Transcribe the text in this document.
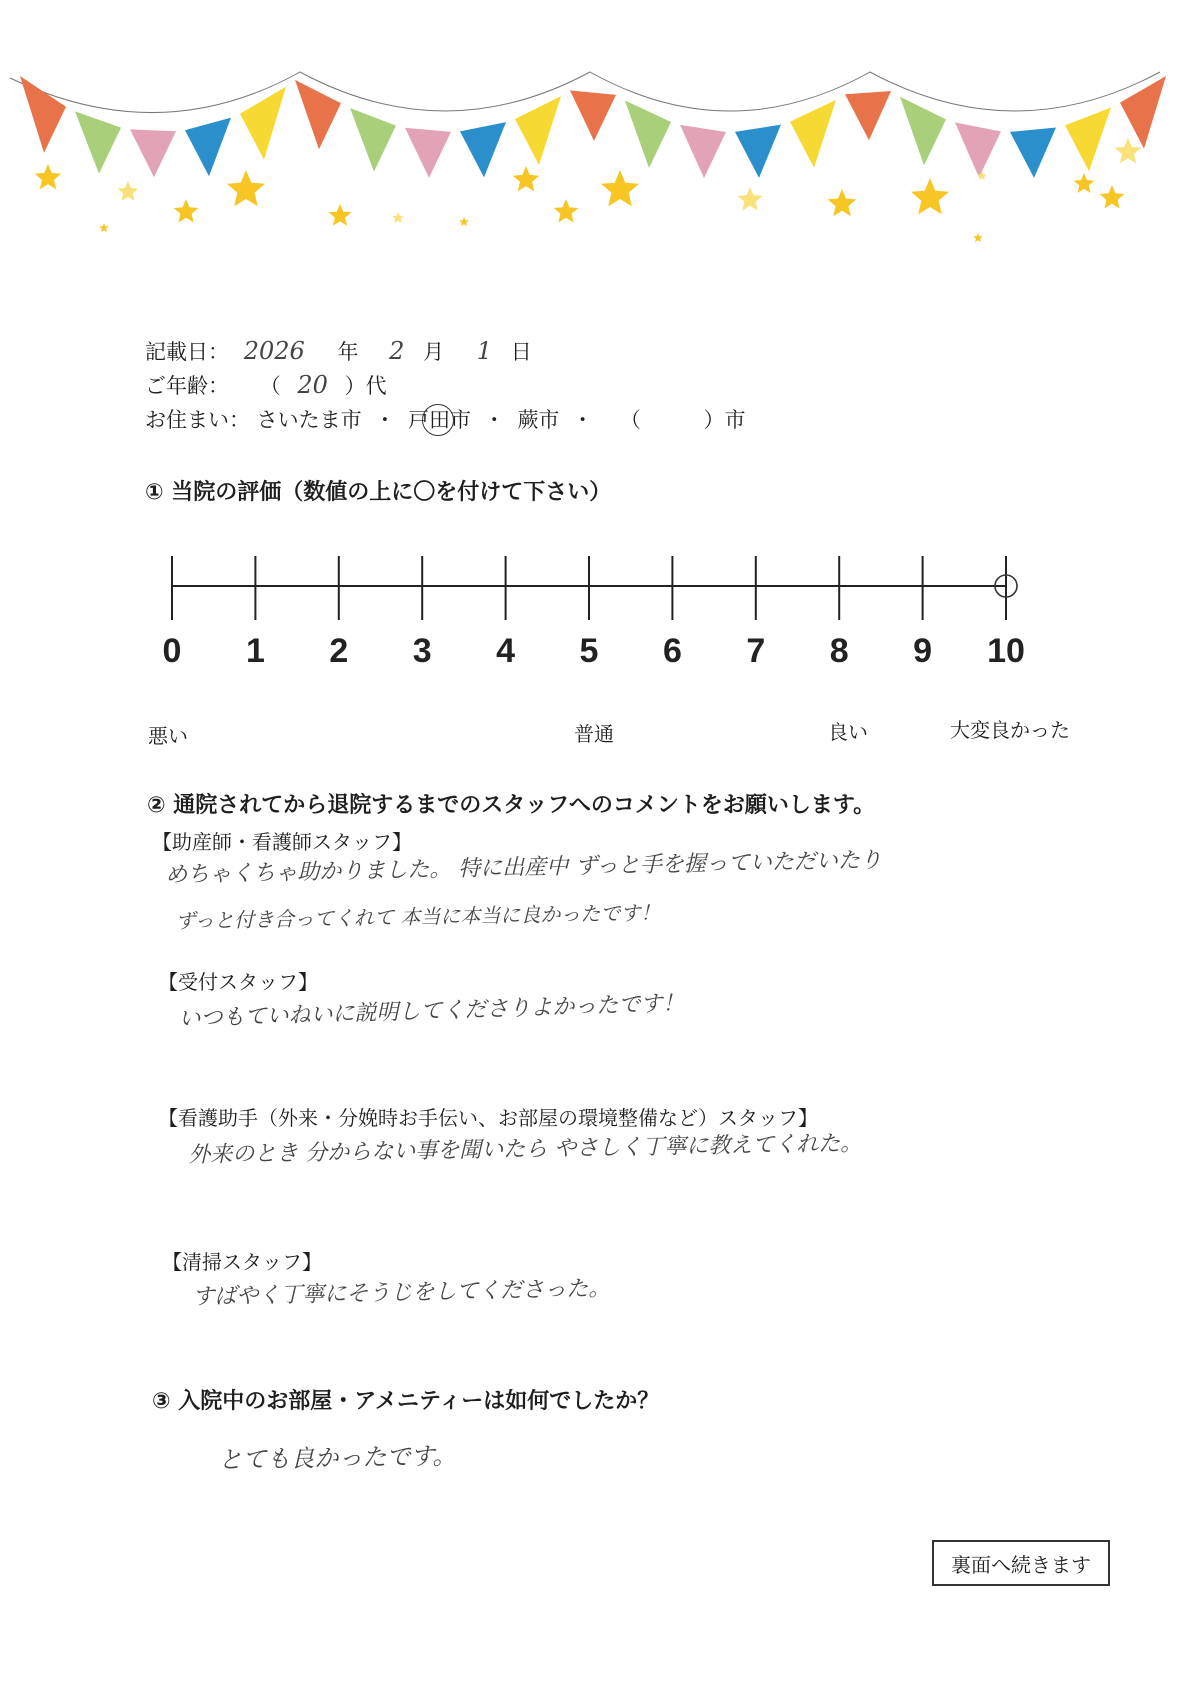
記載日： 2026 年 2 月 1 日
ご年齢： （ 20 ）代
お住まい： さいたま市 ・ 戸田市 ・ 蕨市 ・ （	）市
① 当院の評価（数値の上に〇を付けて下さい）
0 1 2 3 4 5 6 7 8 9 10
悪い	普通	良い	大変良かった
② 通院されてから退院するまでのスタッフへのコメントをお願いします。
【助産師・看護師スタッフ】
めちゃくちゃ助かりました。 特に出産中 ずっと手を握っていただいたり
ずっと付き合ってくれて 本当に本当に良かったです！
【受付スタッフ】
いつもていねいに説明してくださりよかったです！
【看護助手（外来・分娩時お手伝い、お部屋の環境整備など）スタッフ】
外来のとき 分からない事を聞いたら やさしく丁寧に教えてくれた。
【清掃スタッフ】
すばやく丁寧にそうじをしてくださった。
③ 入院中のお部屋・アメニティーは如何でしたか？
とても良かったです。
裏面へ続きます
